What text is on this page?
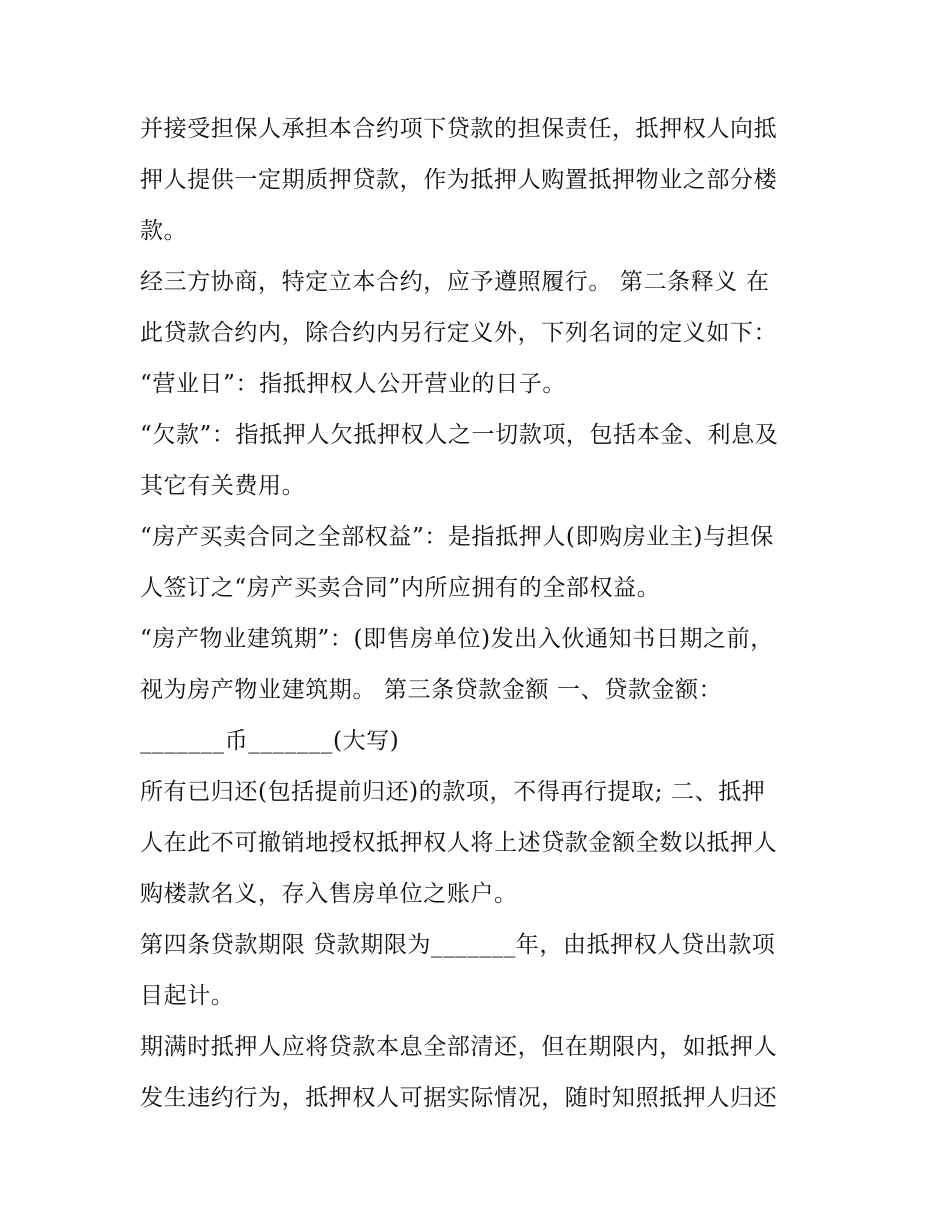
并接受担保人承担本合约项下贷款的担保责任，抵押权人向抵
押人提供一定期质押贷款，作为抵押人购置抵押物业之部分楼
款。
经三方协商，特定立本合约，应予遵照履行。 第二条释义 在
此贷款合约内，除合约内另行定义外，下列名词的定义如下：
“营业日”：指抵押权人公开营业的日子。
“欠款”：指抵押人欠抵押权人之一切款项，包括本金、利息及
其它有关费用。
“房产买卖合同之全部权益”：是指抵押人(即购房业主)与担保
人签订之“房产买卖合同”内所应拥有的全部权益。
“房产物业建筑期”：(即售房单位)发出入伙通知书日期之前，
视为房产物业建筑期。 第三条贷款金额 一、贷款金额：
_______币_______(大写)
所有已归还(包括提前归还)的款项，不得再行提取; 二、抵押
人在此不可撤销地授权抵押权人将上述贷款金额全数以抵押人
购楼款名义，存入售房单位之账户。
第四条贷款期限 贷款期限为_______年，由抵押权人贷出款项
目起计。
期满时抵押人应将贷款本息全部清还，但在期限内，如抵押人
发生违约行为，抵押权人可据实际情况，随时知照抵押人归还
